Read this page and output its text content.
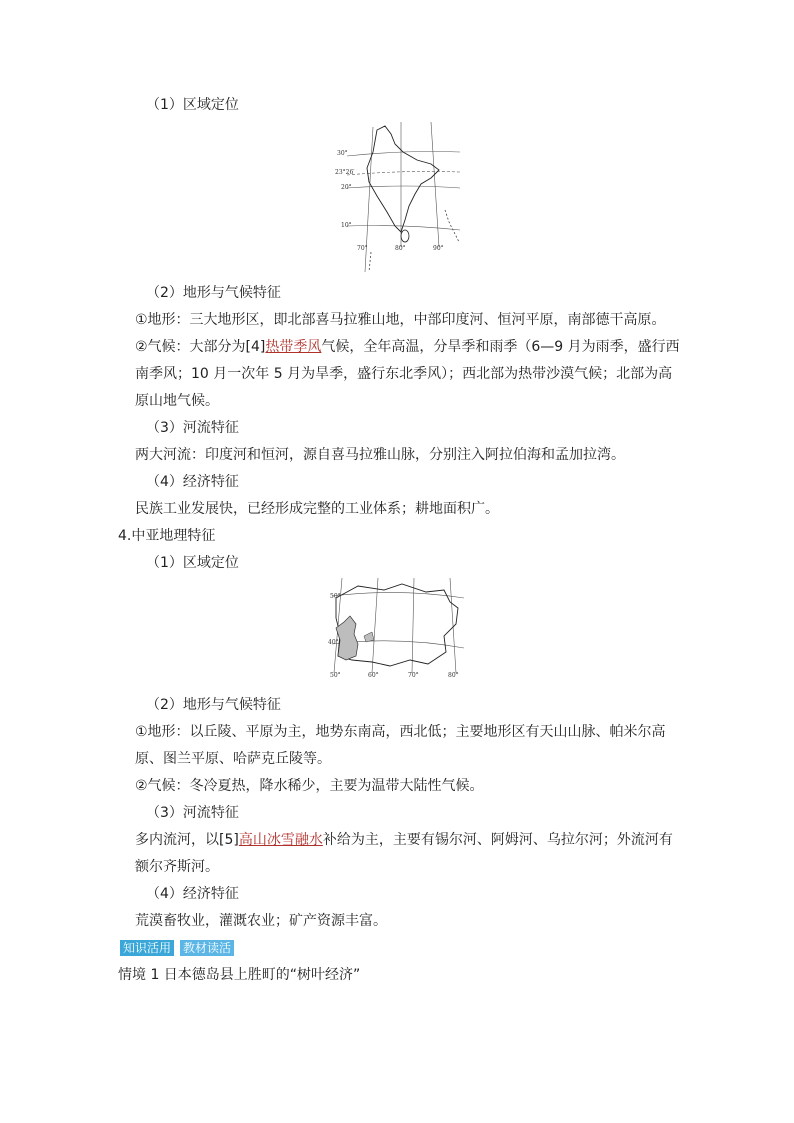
（1）区域定位
30°
23°26′
20°
10°
70°	80°	90°
（2）地形与气候特征
①地形：三大地形区，即北部喜马拉雅山地，中部印度河、恒河平原，南部德干高原。
②气候：大部分为[4]热带季风气候，全年高温，分旱季和雨季（6—9 月为雨季，盛行西
南季风；10 月一次年 5 月为旱季，盛行东北季风）；西北部为热带沙漠气候；北部为高
原山地气候。
（3）河流特征
两大河流：印度河和恒河，源自喜马拉雅山脉，分别注入阿拉伯海和孟加拉湾。
（4）经济特征
民族工业发展快，已经形成完整的工业体系；耕地面积广。
4.中亚地理特征
（1）区域定位
50°
40°
50°	60°	70°	80°
（2）地形与气候特征
①地形：以丘陵、平原为主，地势东南高，西北低；主要地形区有天山山脉、帕米尔高
原、图兰平原、哈萨克丘陵等。
②气候：冬冷夏热，降水稀少，主要为温带大陆性气候。
（3）河流特征
多内流河，以[5]高山冰雪融水补给为主，主要有锡尔河、阿姆河、乌拉尔河；外流河有
额尔齐斯河。
（4）经济特征
荒漠畜牧业，灌溉农业；矿产资源丰富。
知识活用 教材读活
情境 1 日本德岛县上胜町的“树叶经济”
